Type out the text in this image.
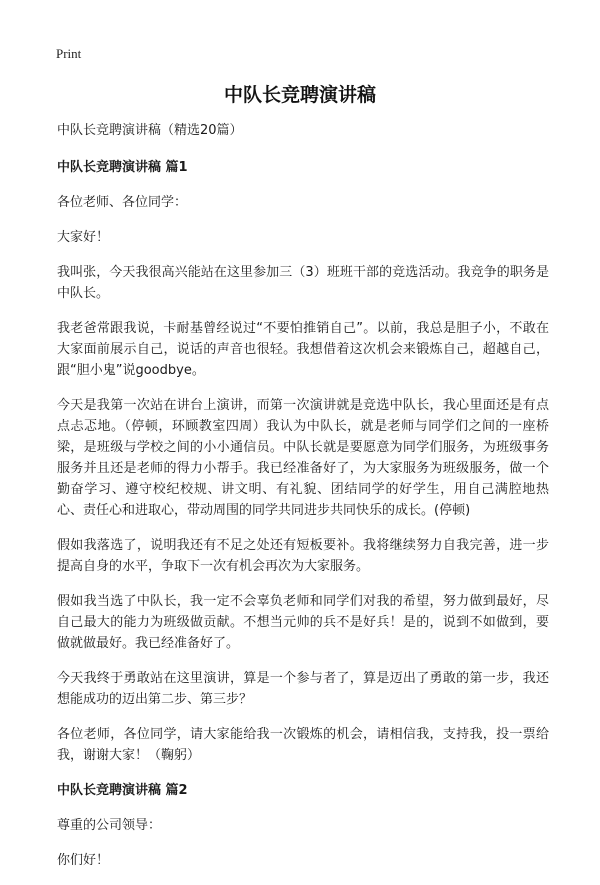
Print
中队长竞聘演讲稿

中队长竞聘演讲稿（精选20篇）

中队长竞聘演讲稿 篇1

各位老师、各位同学：

大家好！

我叫张，今天我很高兴能站在这里参加三（3）班班干部的竞选活动。我竞争的职务是中队长。

我老爸常跟我说，卡耐基曾经说过“不要怕推销自己”。以前，我总是胆子小，不敢在大家面前展示自己，说话的声音也很轻。我想借着这次机会来锻炼自己，超越自己，跟“胆小鬼”说goodbye。

今天是我第一次站在讲台上演讲，而第一次演讲就是竞选中队长，我心里面还是有点点忐忑地。（停顿，环顾教室四周）我认为中队长，就是老师与同学们之间的一座桥梁，是班级与学校之间的小小通信员。中队长就是要愿意为同学们服务，为班级事务服务并且还是老师的得力小帮手。我已经准备好了，为大家服务为班级服务，做一个勤奋学习、遵守校纪校规、讲文明、有礼貌、团结同学的好学生，用自己满腔地热心、责任心和进取心，带动周围的同学共同进步共同快乐的成长。(停顿)

假如我落选了，说明我还有不足之处还有短板要补。我将继续努力自我完善，进一步提高自身的水平，争取下一次有机会再次为大家服务。

假如我当选了中队长，我一定不会辜负老师和同学们对我的希望，努力做到最好，尽自己最大的能力为班级做贡献。不想当元帅的兵不是好兵！是的，说到不如做到，要做就做最好。我已经准备好了。

今天我终于勇敢站在这里演讲，算是一个参与者了，算是迈出了勇敢的第一步，我还想能成功的迈出第二步、第三步？

各位老师，各位同学，请大家能给我一次锻炼的机会，请相信我，支持我，投一票给我，谢谢大家！（鞠躬）

中队长竞聘演讲稿 篇2

尊重的公司领导：

你们好！
